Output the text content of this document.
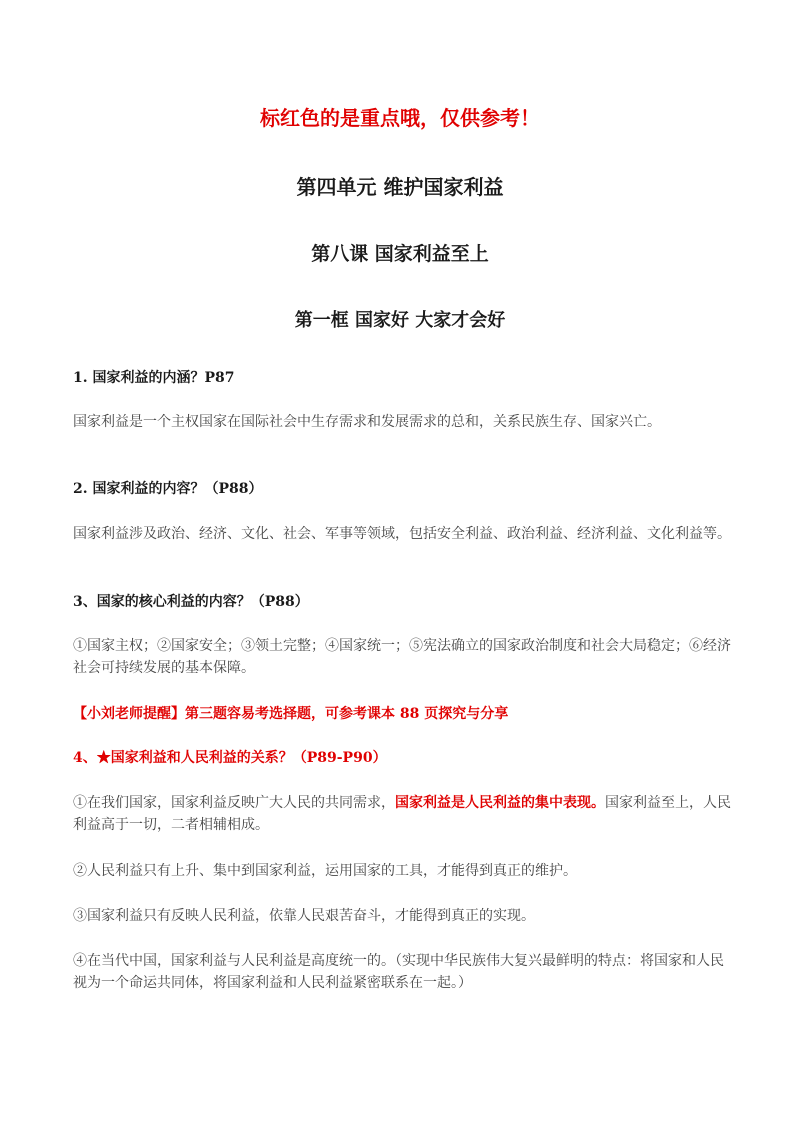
标红色的是重点哦，仅供参考！
第四单元 维护国家利益
第八课 国家利益至上
第一框 国家好 大家才会好
1. 国家利益的内涵？P87
国家利益是一个主权国家在国际社会中生存需求和发展需求的总和，关系民族生存、国家兴亡。
2. 国家利益的内容？（P88）
国家利益涉及政治、经济、文化、社会、军事等领域，包括安全利益、政治利益、经济利益、文化利益等。
3、国家的核心利益的内容？（P88）
①国家主权；②国家安全；③领土完整；④国家统一；⑤宪法确立的国家政治制度和社会大局稳定；⑥经济社会可持续发展的基本保障。
【小刘老师提醒】第三题容易考选择题，可参考课本 88 页探究与分享
4、★国家利益和人民利益的关系？（P89-P90）
①在我们国家，国家利益反映广大人民的共同需求，国家利益是人民利益的集中表现。国家利益至上，人民利益高于一切，二者相辅相成。
②人民利益只有上升、集中到国家利益，运用国家的工具，才能得到真正的维护。
③国家利益只有反映人民利益，依靠人民艰苦奋斗，才能得到真正的实现。
④在当代中国，国家利益与人民利益是高度统一的。（实现中华民族伟大复兴最鲜明的特点：将国家和人民视为一个命运共同体，将国家利益和人民利益紧密联系在一起。）
